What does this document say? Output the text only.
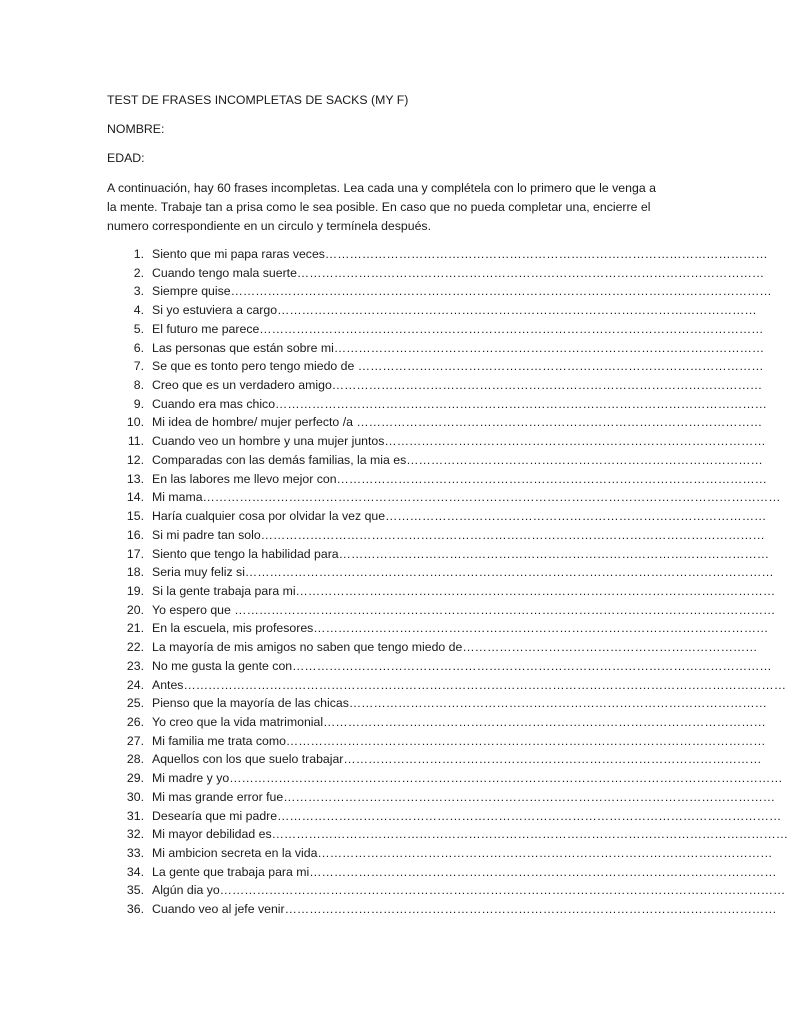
TEST DE FRASES INCOMPLETAS DE SACKS (MY F)

NOMBRE:

EDAD:

A continuación, hay 60 frases incompletas. Lea cada una y complétela con lo primero que le venga a la mente. Trabaje tan a prisa como le sea posible. En caso que no pueda completar una, encierre el numero correspondiente en un circulo y termínela después.

1. Siento que mi papa raras veces………………………………………………………………………………………………
2. Cuando tengo mala suerte……………………………………………………………………………………………………
3. Siempre quise……………………………………………………………………………………………………………………
4. Si yo estuviera a cargo………………………………………………………………………………………………………
5. El futuro me parece……………………………………………………………………………………………………………
6. Las personas que están sobre mi……………………………………………………………………………………………
7. Se que es tonto pero tengo miedo de ………………………………………………………………………………………
8. Creo que es un verdadero amigo……………………………………………………………………………………………
9. Cuando era mas chico…………………………………………………………………………………………………………
10. Mi idea de hombre/ mujer perfecto /a ………………………………………………………………………………………
11. Cuando veo un hombre y una mujer juntos…………………………………………………………………………………
12. Comparadas con las demás familias, la mia es……………………………………………………………………………
13. En las labores me llevo mejor con……………………………………………………………………………………………
14. Mi mama……………………………………………………………………………………………………………………………
15. Haría cualquier cosa por olvidar la vez que…………………………………………………………………………………
16. Si mi padre tan solo……………………………………………………………………………………………………………
17. Siento que tengo la habilidad para……………………………………………………………………………………………
18. Seria muy feliz si…………………………………………………………………………………………………………………
19. Si la gente trabaja para mi………………………………………………………………………………………………………
20. Yo espero que ……………………………………………………………………………………………………………………
21. En la escuela, mis profesores…………………………………………………………………………………………………
22. La mayoría de mis amigos no saben que tengo miedo de………………………………………………………………
23. No me gusta la gente con………………………………………………………………………………………………………
24. Antes…………………………………………………………………………………………………………………………………
25. Pienso que la mayoría de las chicas…………………………………………………………………………………………
26. Yo creo que la vida matrimonial………………………………………………………………………………………………
27. Mi familia me trata como………………………………………………………………………………………………………
28. Aquellos con los que suelo trabajar…………………………………………………………………………………………
29. Mi madre y yo………………………………………………………………………………………………………………………
30. Mi mas grande error fue…………………………………………………………………………………………………………
31. Desearía que mi padre……………………………………………………………………………………………………………
32. Mi mayor debilidad es………………………………………………………………………………………………………………
33. Mi ambicion secreta en la vida…………………………………………………………………………………………………
34. La gente que trabaja para mi……………………………………………………………………………………………………
35. Algún dia yo…………………………………………………………………………………………………………………………
36. Cuando veo al jefe venir…………………………………………………………………………………………………………
